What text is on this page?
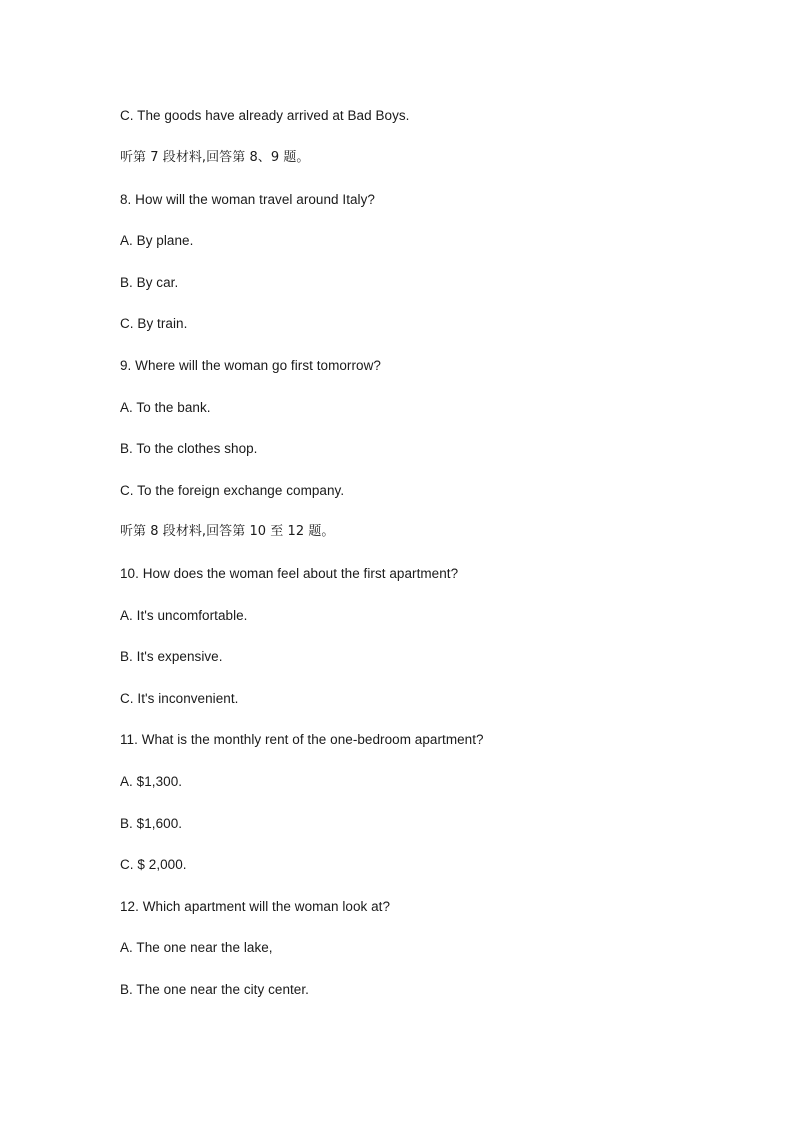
C. The goods have already arrived at Bad Boys.
听第 7 段材料,回答第 8、9 题。
8. How will the woman travel around Italy?
A. By plane.
B. By car.
C. By train.
9. Where will the woman go first tomorrow?
A. To the bank.
B. To the clothes shop.
C. To the foreign exchange company.
听第 8 段材料,回答第 10 至 12 题。
10. How does the woman feel about the first apartment?
A. It's uncomfortable.
B. It's expensive.
C. It's inconvenient.
11. What is the monthly rent of the one-bedroom apartment?
A. $1,300.
B. $1,600.
C. $ 2,000.
12. Which apartment will the woman look at?
A. The one near the lake,
B. The one near the city center.
